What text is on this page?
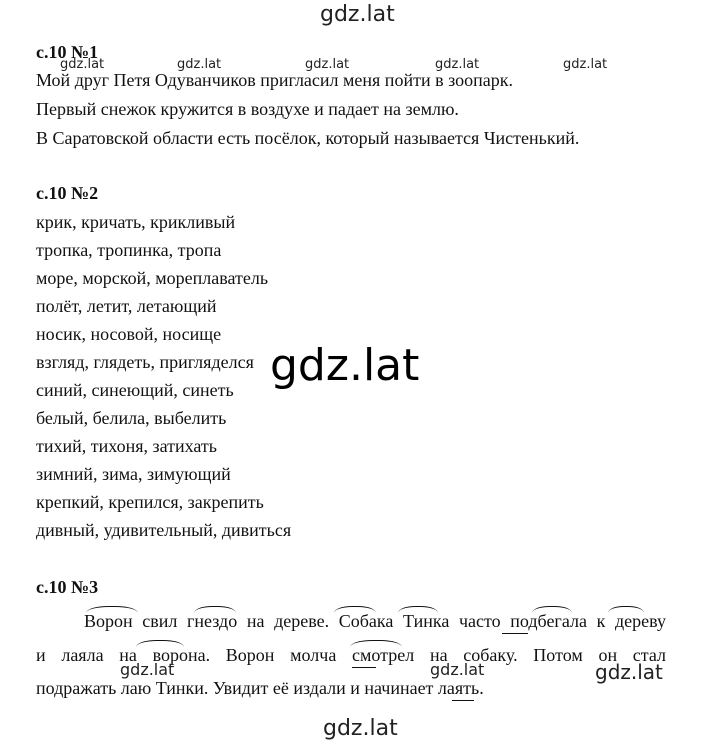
gdz.lat
gdz.lat	gdz.lat	gdz.lat	gdz.lat	gdz.lat
с.10 №1
Мой друг Петя Одуванчиков пригласил меня пойти в зоопарк.
Первый снежок кружится в воздухе и падает на землю.
В Саратовской области есть посёлок, который называется Чистенький.
с.10 №2
крик, кричать, крикливый
тропка, тропинка, тропа
море, морской, мореплаватель
полёт, летит, летающий
носик, носовой, носище
взгляд, глядеть, пригляделся
синий, синеющий, синеть
белый, белила, выбелить
тихий, тихоня, затихать
зимний, зима, зимующий
крепкий, крепился, закрепить
дивный, удивительный, дивиться
gdz.lat
с.10 №3
Ворон свил гнездо на дереве. Собака Тинка часто подбегала к дереву
и лаяла на ворона. Ворон молча смотрел на собаку. Потом он стал
подражать лаю Тинки. Увидит её издали и начинает лаять.
gdz.lat	gdz.lat	gdz.lat
gdz.lat
